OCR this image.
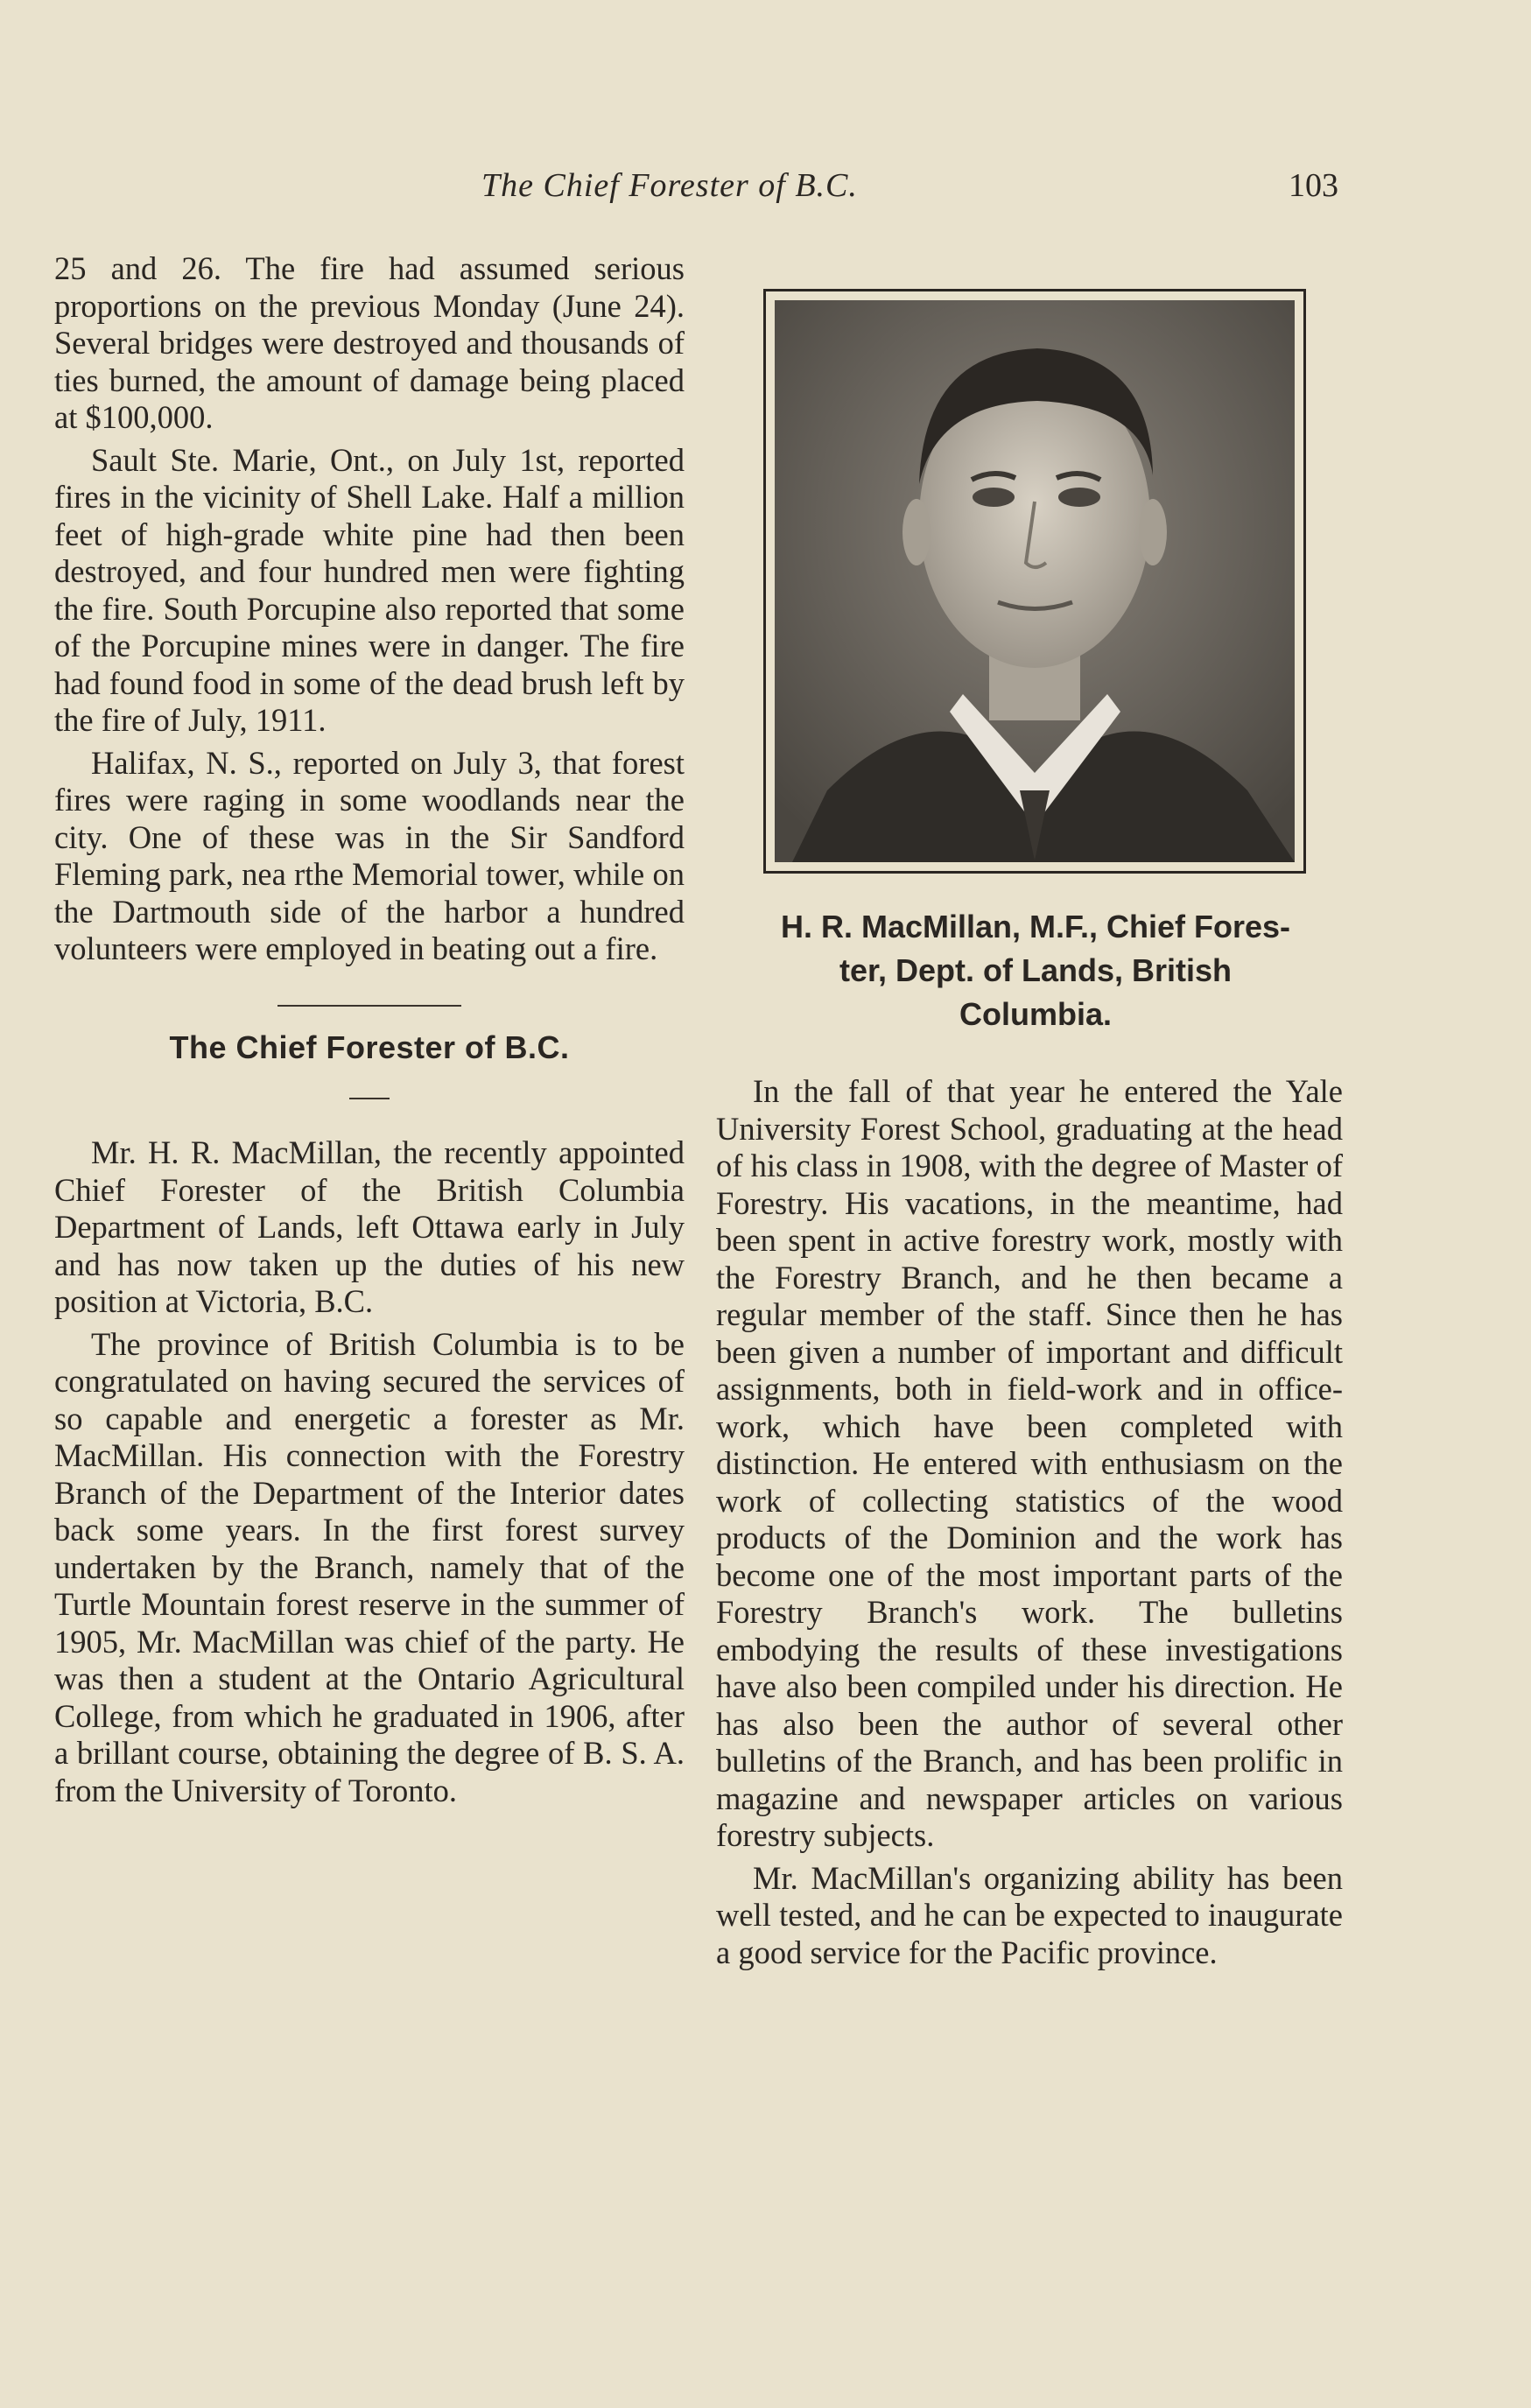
The Chief Forester of B.C.	103

25 and 26. The fire had assumed serious proportions on the previous Monday (June 24). Several bridges were destroyed and thousands of ties burned, the amount of damage being placed at $100,000.

Sault Ste. Marie, Ont., on July 1st, reported fires in the vicinity of Shell Lake. Half a million feet of high-grade white pine had then been destroyed, and four hundred men were fighting the fire. South Porcupine also reported that some of the Porcupine mines were in danger. The fire had found food in some of the dead brush left by the fire of July, 1911.

Halifax, N. S., reported on July 3, that forest fires were raging in some woodlands near the city. One of these was in the Sir Sandford Fleming park, nea rthe Memorial tower, while on the Dartmouth side of the harbor a hundred volunteers were employed in beating out a fire.

The Chief Forester of B.C.

Mr. H. R. MacMillan, the recently appointed Chief Forester of the British Columbia Department of Lands, left Ottawa early in July and has now taken up the duties of his new position at Victoria, B.C.

The province of British Columbia is to be congratulated on having secured the services of so capable and energetic a forester as Mr. MacMillan. His connection with the Forestry Branch of the Department of the Interior dates back some years. In the first forest survey undertaken by the Branch, namely that of the Turtle Mountain forest reserve in the summer of 1905, Mr. MacMillan was chief of the party. He was then a student at the Ontario Agricultural College, from which he graduated in 1906, after a brillant course, obtaining the degree of B. S. A. from the University of Toronto.

H. R. MacMillan, M.F., Chief Fores-
ter, Dept. of Lands, British
Columbia.

In the fall of that year he entered the Yale University Forest School, graduating at the head of his class in 1908, with the degree of Master of Forestry. His vacations, in the meantime, had been spent in active forestry work, mostly with the Forestry Branch, and he then became a regular member of the staff. Since then he has been given a number of important and difficult assignments, both in field-work and in office-work, which have been completed with distinction. He entered with enthusiasm on the work of collecting statistics of the wood products of the Dominion and the work has become one of the most important parts of the Forestry Branch's work. The bulletins embodying the results of these investigations have also been compiled under his direction. He has also been the author of several other bulletins of the Branch, and has been prolific in magazine and newspaper articles on various forestry subjects.

Mr. MacMillan's organizing ability has been well tested, and he can be expected to inaugurate a good service for the Pacific province.
